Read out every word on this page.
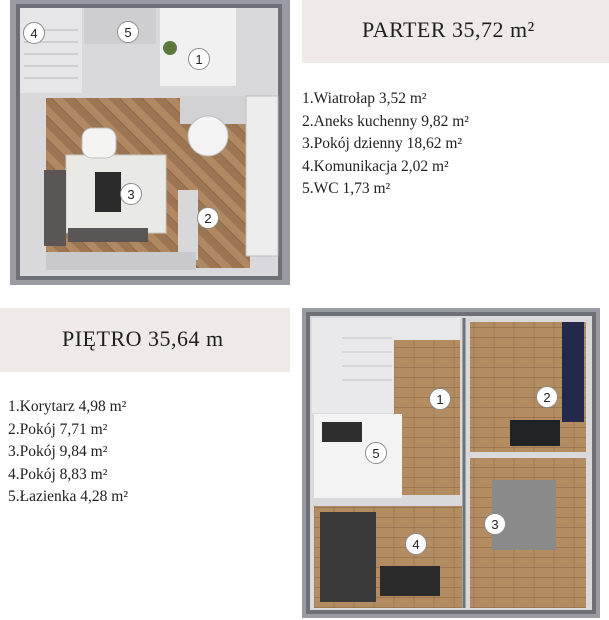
4	5
1
3
2
PARTER 35,72 m²
1.Wiatrołap 3,52 m²
2.Aneks kuchenny 9,82 m²
3.Pokój dzienny 18,62 m²
4.Komunikacja 2,02 m²
5.WC 1,73 m²
PIĘTRO 35,64 m
1.Korytarz 4,98 m²
2.Pokój 7,71 m²
3.Pokój 9,84 m²
4.Pokój 8,83 m²
5.Łazienka 4,28 m²
1	2
5
3
4
